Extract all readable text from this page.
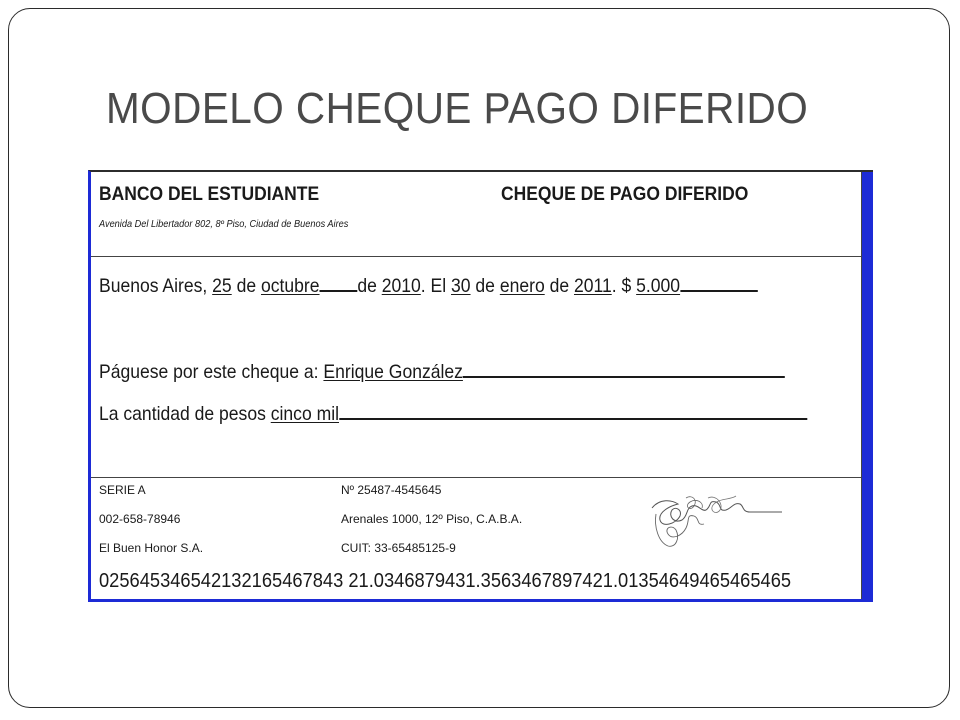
MODELO CHEQUE PAGO DIFERIDO
BANCO DEL ESTUDIANTE
Avenida Del Libertador 802, 8º Piso, Ciudad de Buenos Aires
CHEQUE DE PAGO DIFERIDO
Buenos Aires, 25 de octubre de 2010. El 30 de enero de 2011. $ 5.000
Páguese por este cheque a: Enrique González
La cantidad de pesos cinco mil
SERIE A
002-658-78946
El Buen Honor S.A.
Nº 25487-4545645
Arenales 1000, 12º Piso, C.A.B.A.
CUIT: 33-65485125-9
025645346542132165467843 21.0346879431.3563467897421.01354649465465465
